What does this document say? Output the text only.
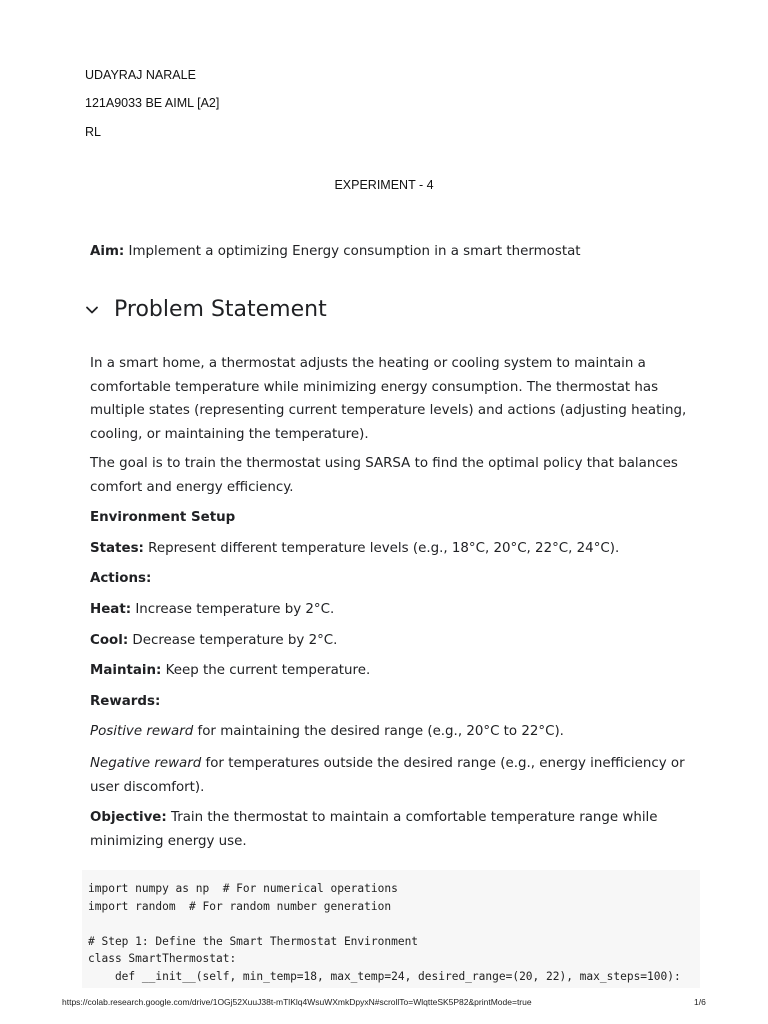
UDAYRAJ NARALE
121A9033 BE AIML [A2]
RL
EXPERIMENT - 4
Aim: Implement a optimizing Energy consumption in a smart thermostat
Problem Statement
In a smart home, a thermostat adjusts the heating or cooling system to maintain a comfortable temperature while minimizing energy consumption. The thermostat has multiple states (representing current temperature levels) and actions (adjusting heating, cooling, or maintaining the temperature).
The goal is to train the thermostat using SARSA to find the optimal policy that balances comfort and energy efficiency.
Environment Setup
States: Represent different temperature levels (e.g., 18°C, 20°C, 22°C, 24°C).
Actions:
Heat: Increase temperature by 2°C.
Cool: Decrease temperature by 2°C.
Maintain: Keep the current temperature.
Rewards:
Positive reward for maintaining the desired range (e.g., 20°C to 22°C).
Negative reward for temperatures outside the desired range (e.g., energy inefficiency or user discomfort).
Objective: Train the thermostat to maintain a comfortable temperature range while minimizing energy use.
import numpy as np  # For numerical operations
import random  # For random number generation

# Step 1: Define the Smart Thermostat Environment
class SmartThermostat:
def __init__(self, min_temp=18, max_temp=24, desired_range=(20, 22), max_steps=100):
https://colab.research.google.com/drive/1OGj52XuuJ38t-mTlKlq4WsuWXmkDpyxN#scrollTo=WlqtteSK5P82&printMode=true	1/6
